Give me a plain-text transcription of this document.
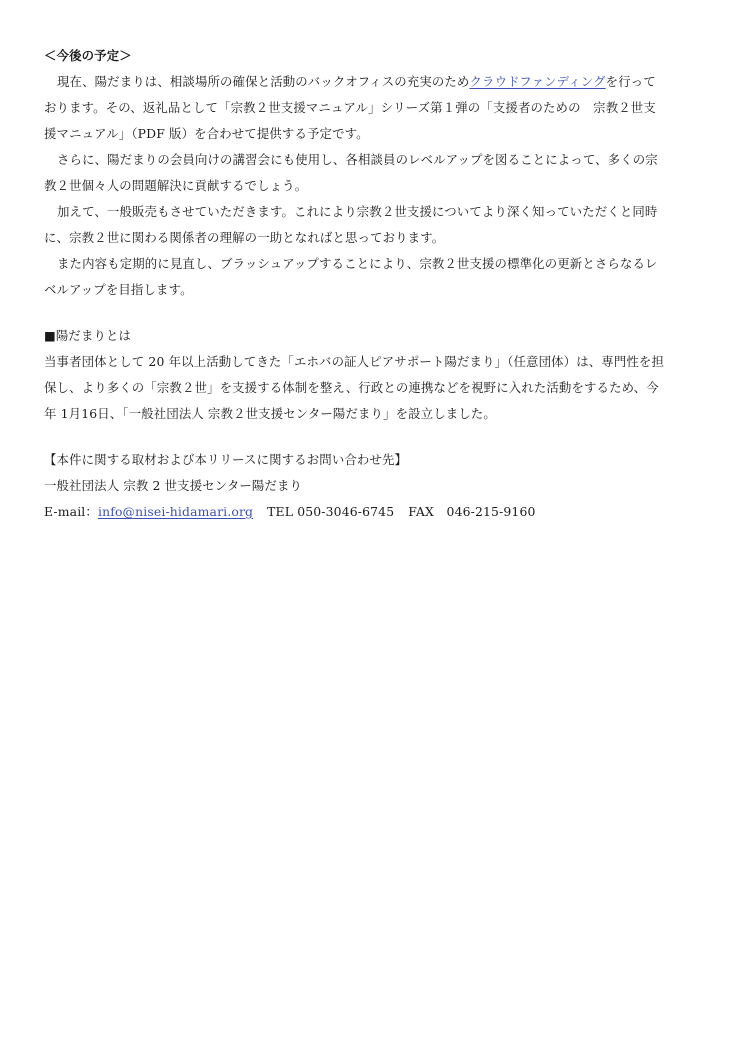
＜今後の予定＞
現在、陽だまりは、相談場所の確保と活動のバックオフィスの充実のためクラウドファンディングを行って
おります。その、返礼品として「宗教２世支援マニュアル」シリーズ第１弾の「支援者のための　宗教２世支
援マニュアル」（PDF 版）を合わせて提供する予定です。
さらに、陽だまりの会員向けの講習会にも使用し、各相談員のレベルアップを図ることによって、多くの宗
教２世個々人の問題解決に貢献するでしょう。
加えて、一般販売もさせていただきます。これにより宗教２世支援についてより深く知っていただくと同時
に、宗教２世に関わる関係者の理解の一助となればと思っております。
また内容も定期的に見直し、ブラッシュアップすることにより、宗教２世支援の標準化の更新とさらなるレ
ベルアップを目指します。
■陽だまりとは
当事者団体として 20 年以上活動してきた「エホバの証人ピアサポート陽だまり」（任意団体）は、専門性を担
保し、より多くの「宗教２世」を支援する体制を整え、行政との連携などを視野に入れた活動をするため、今
年 1月16日、「一般社団法人 宗教２世支援センター陽だまり」を設立しました。
【本件に関する取材および本リリースに関するお問い合わせ先】
一般社団法人 宗教 2 世支援センター陽だまり
E-mail：info@nisei-hidamari.org TEL 050-3046-6745 FAX　046-215-9160
